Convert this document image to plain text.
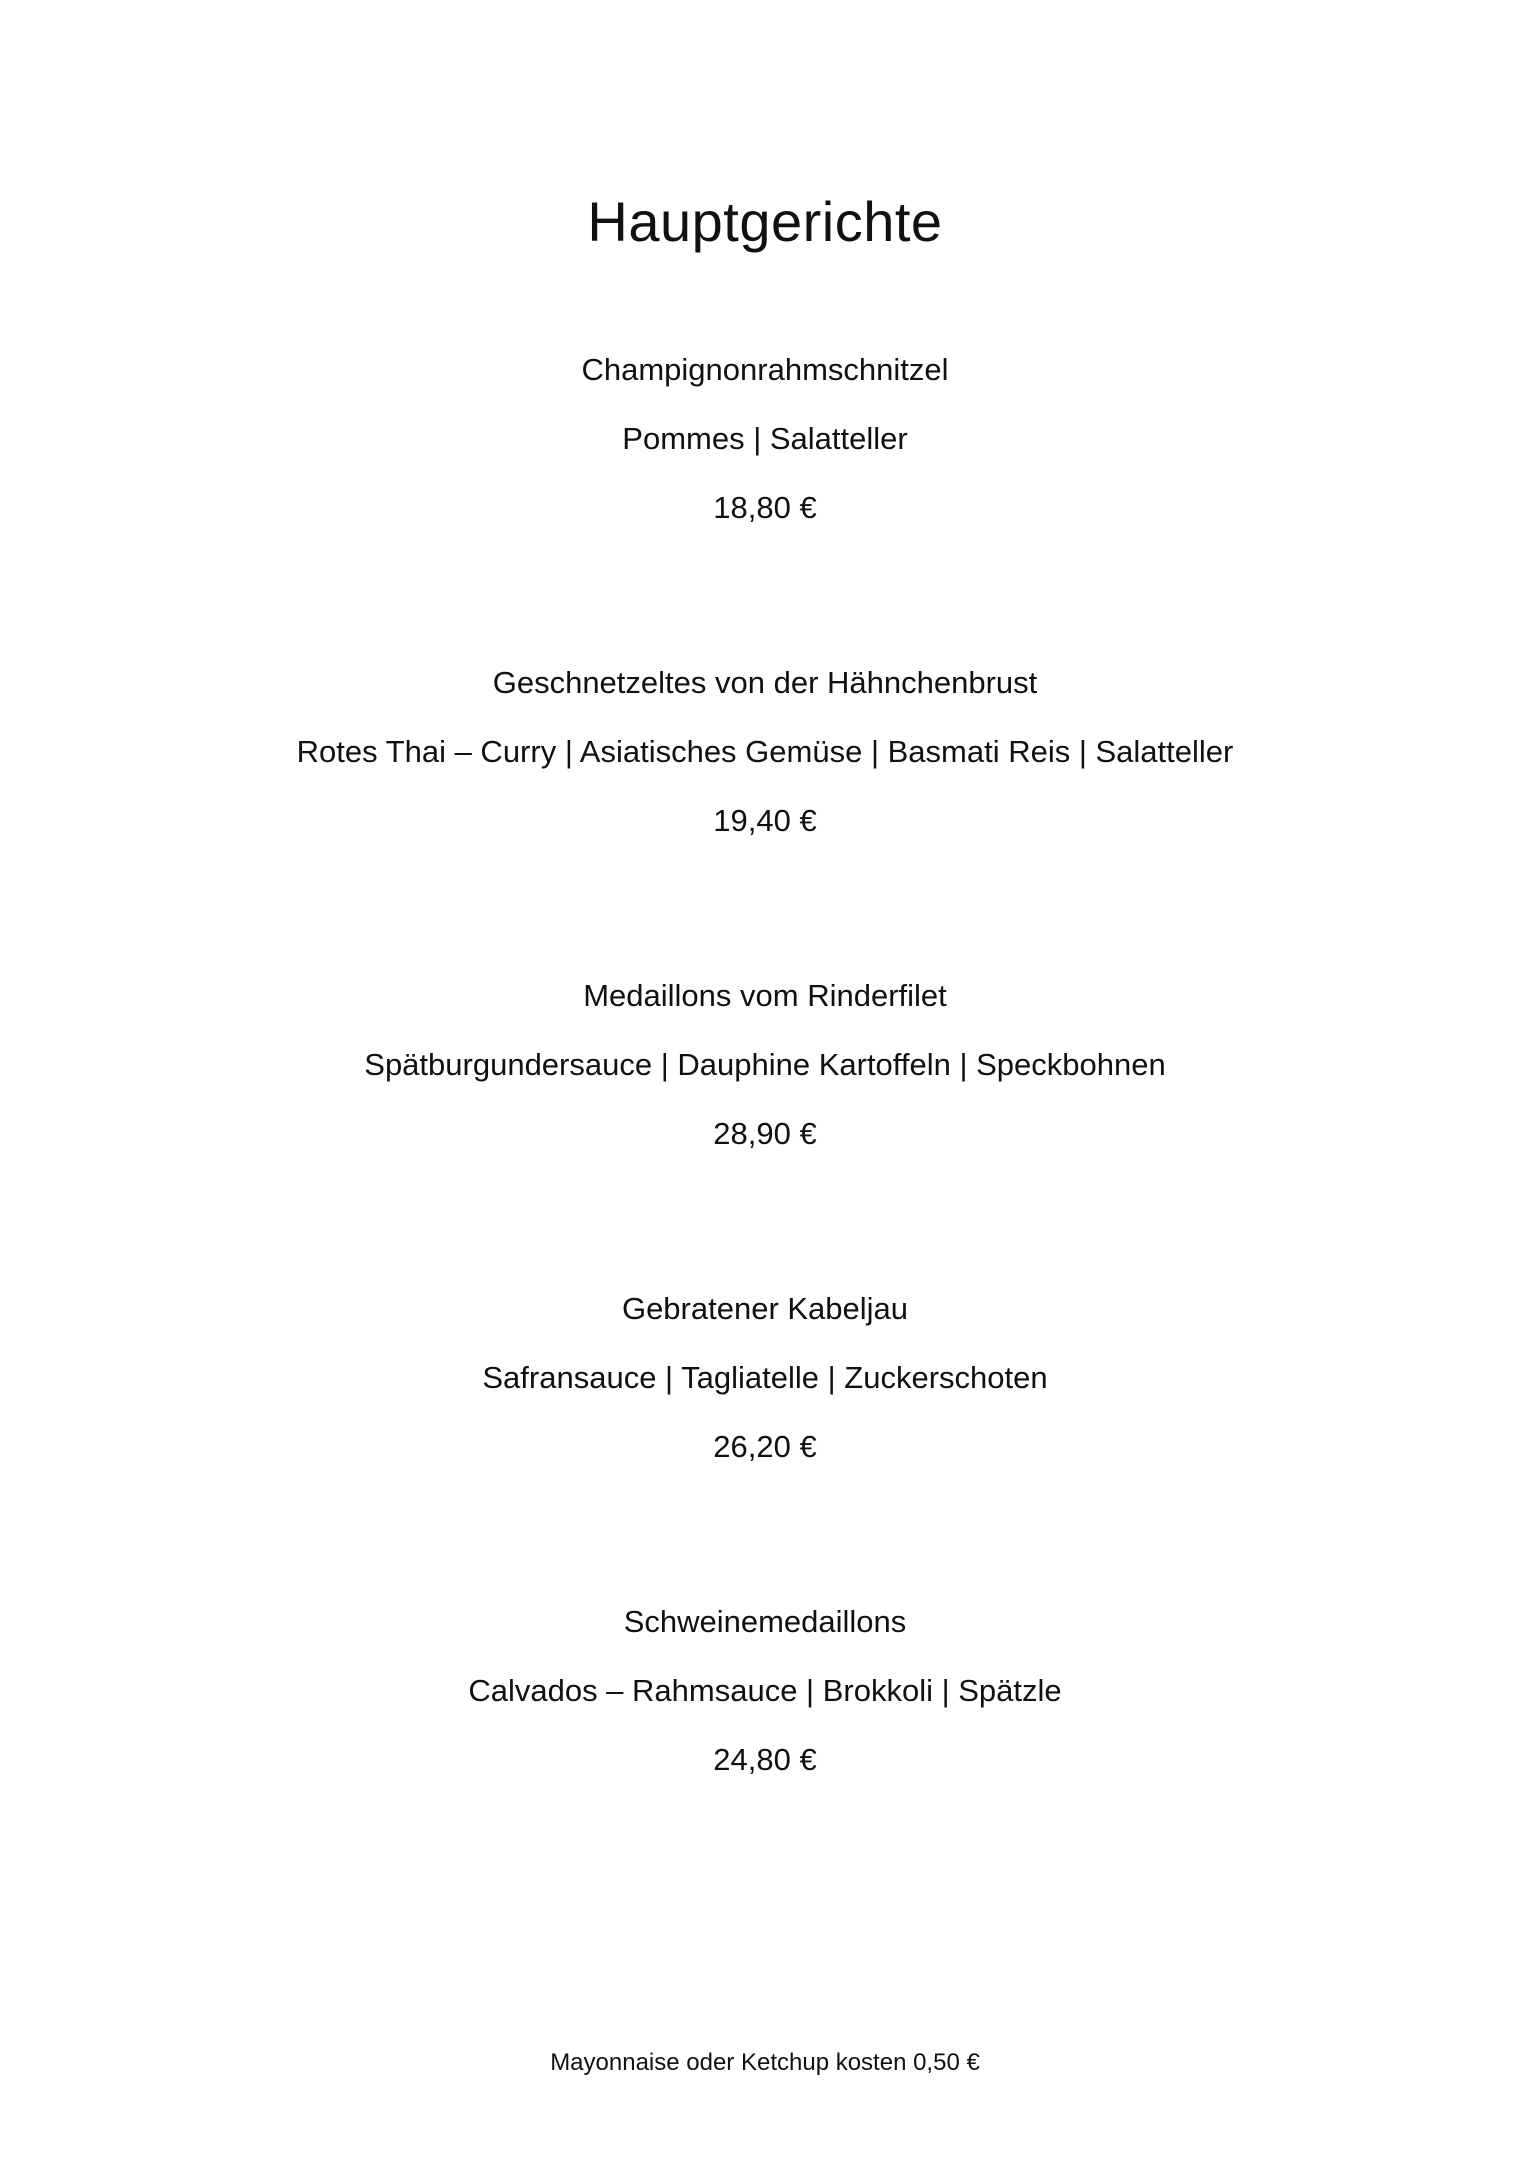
Hauptgerichte
Champignonrahmschnitzel
Pommes | Salatteller
18,80 €
Geschnetzeltes von der Hähnchenbrust
Rotes Thai – Curry | Asiatisches Gemüse | Basmati Reis | Salatteller
19,40 €
Medaillons vom Rinderfilet
Spätburgundersauce | Dauphine Kartoffeln | Speckbohnen
28,90 €
Gebratener Kabeljau
Safransauce | Tagliatelle | Zuckerschoten
26,20 €
Schweinemedaillons
Calvados – Rahmsauce | Brokkoli | Spätzle
24,80 €
Mayonnaise oder Ketchup kosten 0,50 €
